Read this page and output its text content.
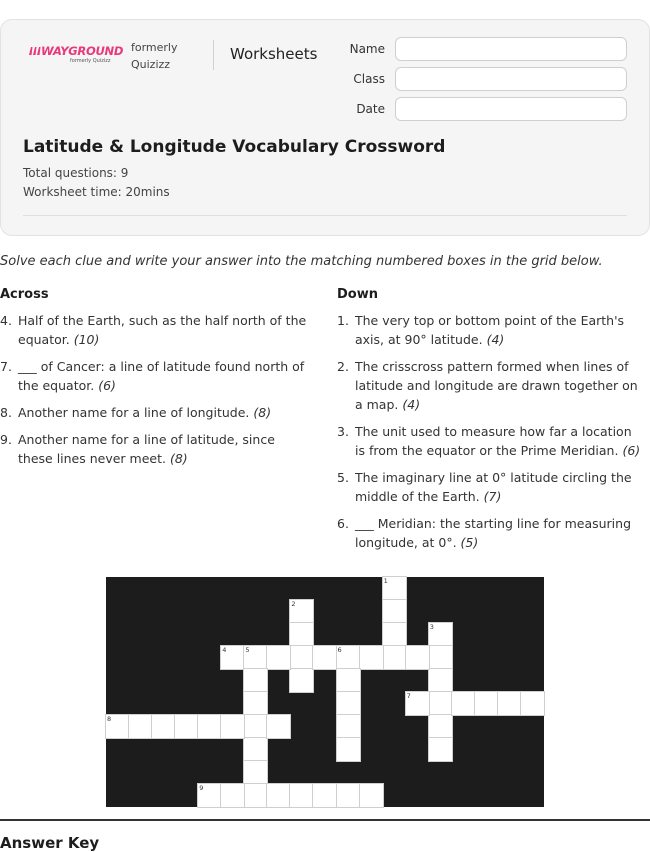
WAYGROUND
formerly Quizizz
formerly
Quizizz
Worksheets	Name
Class
Date
Latitude & Longitude Vocabulary Crossword
Total questions: 9
Worksheet time: 20mins
Solve each clue and write your answer into the matching numbered boxes in the grid below.
Across
4. Half of the Earth, such as the half north of the equator. (10)
7. ___ of Cancer: a line of latitude found north of the equator. (6)
8. Another name for a line of longitude. (8)
9. Another name for a line of latitude, since these lines never meet. (8)
Down
1. The very top or bottom point of the Earth's axis, at 90° latitude. (4)
2. The crisscross pattern formed when lines of latitude and longitude are drawn together on a map. (4)
3. The unit used to measure how far a location is from the equator or the Prime Meridian. (6)
5. The imaginary line at 0° latitude circling the middle of the Earth. (7)
6. ___ Meridian: the starting line for measuring longitude, at 0°. (5)
1
2
3
4	5	6
7
8
9
Answer Key
